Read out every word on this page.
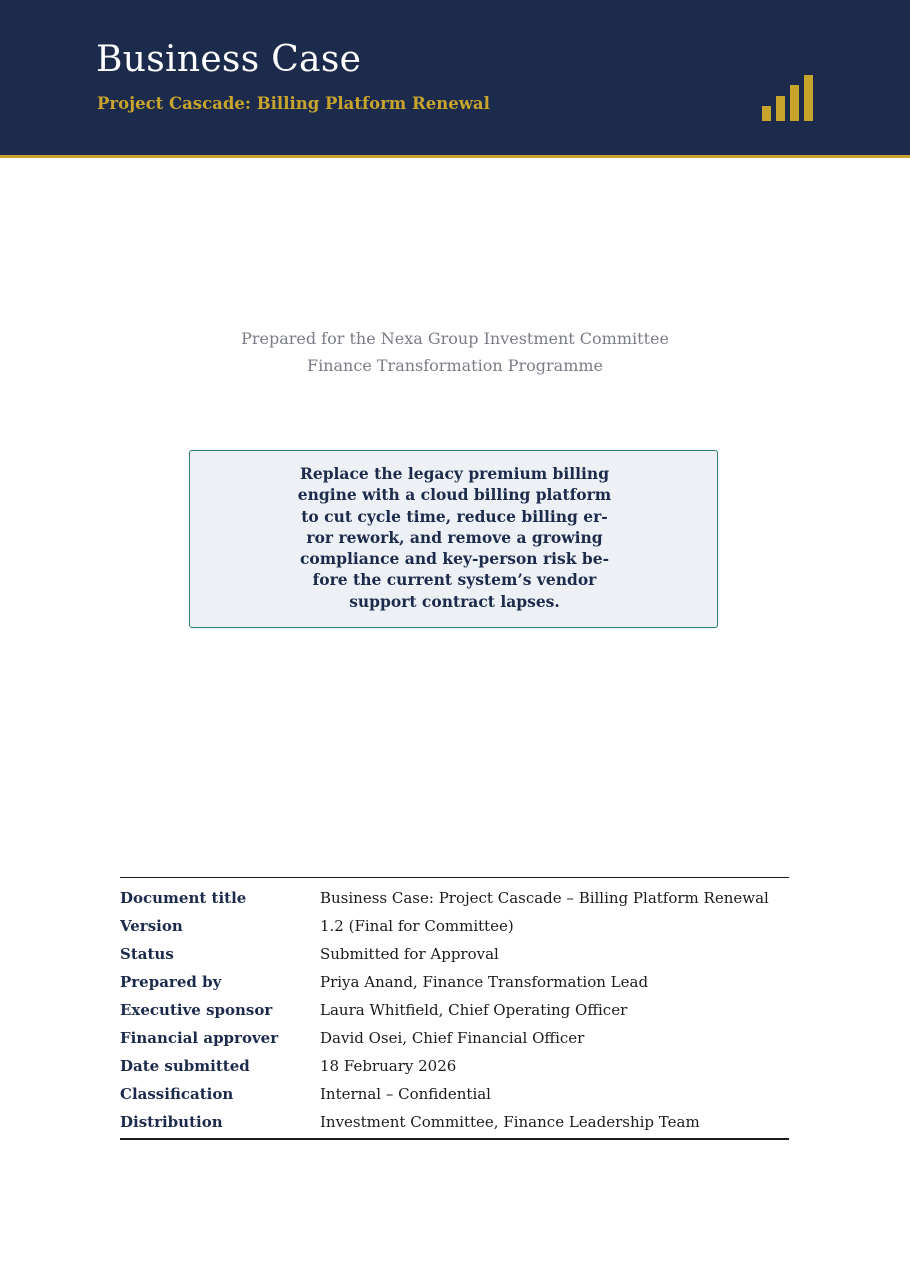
Business Case
Project Cascade: Billing Platform Renewal
Prepared for the Nexa Group Investment Committee
Finance Transformation Programme

Replace the legacy premium billing
engine with a cloud billing platform
to cut cycle time, reduce billing er-
ror rework, and remove a growing
compliance and key-person risk be-
fore the current system’s vendor
support contract lapses.

Document title	Business Case: Project Cascade – Billing Platform Renewal
Version	1.2 (Final for Committee)
Status	Submitted for Approval
Prepared by	Priya Anand, Finance Transformation Lead
Executive sponsor	Laura Whitfield, Chief Operating Officer
Financial approver	David Osei, Chief Financial Officer
Date submitted	18 February 2026
Classification	Internal – Confidential
Distribution	Investment Committee, Finance Leadership Team
